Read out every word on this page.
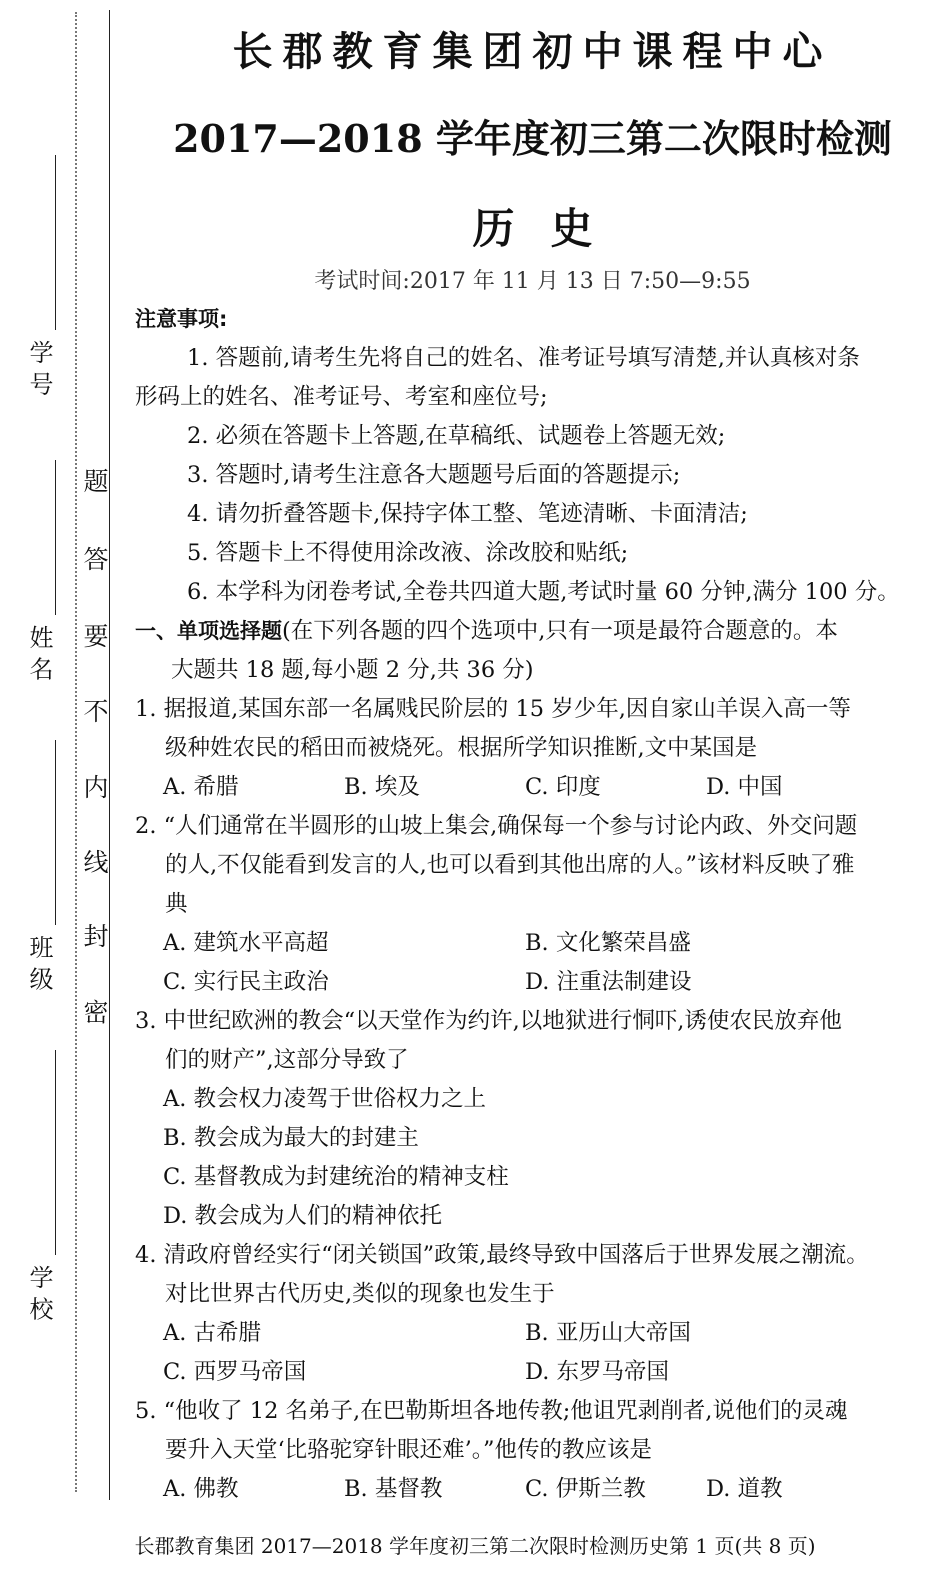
学 号
姓 名
班 级
学 校
题
答
要
不
内
线
封
密
长郡教育集团初中课程中心
2017—2018 学年度初三第二次限时检测
历史
考试时间:2017 年 11 月 13 日 7:50—9:55

注意事项:

1. 答题前,请考生先将自己的姓名、准考证号填写清楚,并认真核对条

形码上的姓名、准考证号、考室和座位号;

2. 必须在答题卡上答题,在草稿纸、试题卷上答题无效;

3. 答题时,请考生注意各大题题号后面的答题提示;

4. 请勿折叠答题卡,保持字体工整、笔迹清晰、卡面清洁;

5. 答题卡上不得使用涂改液、涂改胶和贴纸;

6. 本学科为闭卷考试,全卷共四道大题,考试时量 60 分钟,满分 100 分。

一、单项选择题(在下列各题的四个选项中,只有一项是最符合题意的。本

大题共 18 题,每小题 2 分,共 36 分)

1. 据报道,某国东部一名属贱民阶层的 15 岁少年,因自家山羊误入高一等

级种姓农民的稻田而被烧死。根据所学知识推断,文中某国是

A. 希腊	B. 埃及	C. 印度	D. 中国

2. “人们通常在半圆形的山坡上集会,确保每一个参与讨论内政、外交问题

的人,不仅能看到发言的人,也可以看到其他出席的人。”该材料反映了雅

典

A. 建筑水平高超	B. 文化繁荣昌盛
C. 实行民主政治	D. 注重法制建设

3. 中世纪欧洲的教会“以天堂作为约许,以地狱进行恫吓,诱使农民放弃他

们的财产”,这部分导致了

A. 教会权力凌驾于世俗权力之上

B. 教会成为最大的封建主

C. 基督教成为封建统治的精神支柱

D. 教会成为人们的精神依托

4. 清政府曾经实行“闭关锁国”政策,最终导致中国落后于世界发展之潮流。

对比世界古代历史,类似的现象也发生于

A. 古希腊	B. 亚历山大帝国
C. 西罗马帝国	D. 东罗马帝国

5. “他收了 12 名弟子,在巴勒斯坦各地传教;他诅咒剥削者,说他们的灵魂

要升入天堂‘比骆驼穿针眼还难’。”他传的教应该是

A. 佛教	B. 基督教	C. 伊斯兰教	D. 道教
长郡教育集团 2017—2018 学年度初三第二次限时检测历史第 1 页(共 8 页)
